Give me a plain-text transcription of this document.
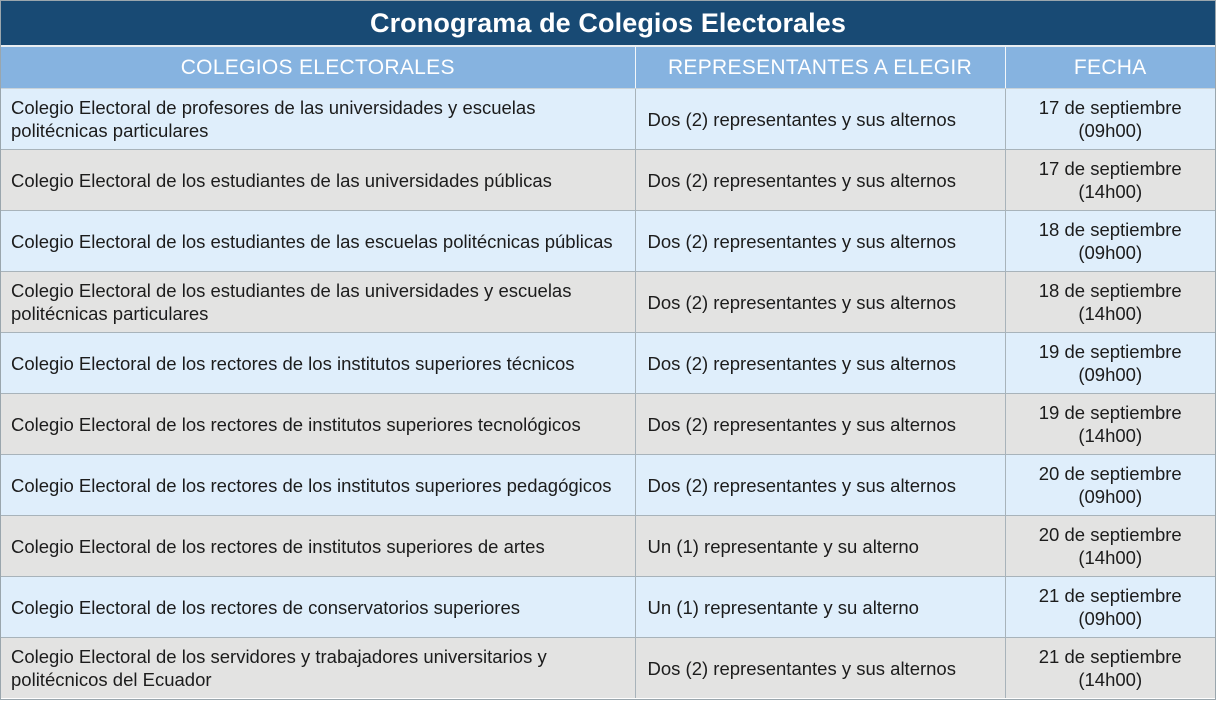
Cronograma de Colegios Electorales
COLEGIOS ELECTORALES	REPRESENTANTES A ELEGIR	FECHA
Colegio Electoral de profesores de las universidades y escuelas politécnicas particulares	Dos (2) representantes y sus alternos	17 de septiembre
(09h00)

Colegio Electoral de los estudiantes de las universidades públicas	Dos (2) representantes y sus alternos	17 de septiembre
(14h00)

Colegio Electoral de los estudiantes de las escuelas politécnicas públicas	Dos (2) representantes y sus alternos	18 de septiembre
(09h00)

Colegio Electoral de los estudiantes de las universidades y escuelas politécnicas particulares	Dos (2) representantes y sus alternos	18 de septiembre
(14h00)

Colegio Electoral de los rectores de los institutos superiores técnicos	Dos (2) representantes y sus alternos	19 de septiembre
(09h00)

Colegio Electoral de los rectores de institutos superiores tecnológicos	Dos (2) representantes y sus alternos	19 de septiembre
(14h00)

Colegio Electoral de los rectores de los institutos superiores pedagógicos	Dos (2) representantes y sus alternos	20 de septiembre
(09h00)

Colegio Electoral de los rectores de institutos superiores de artes	Un (1) representante y su alterno	20 de septiembre
(14h00)

Colegio Electoral de los rectores de conservatorios superiores	Un (1) representante y su alterno	21 de septiembre
(09h00)

Colegio Electoral de los servidores y trabajadores universitarios y politécnicos del Ecuador	Dos (2) representantes y sus alternos	21 de septiembre
(14h00)
